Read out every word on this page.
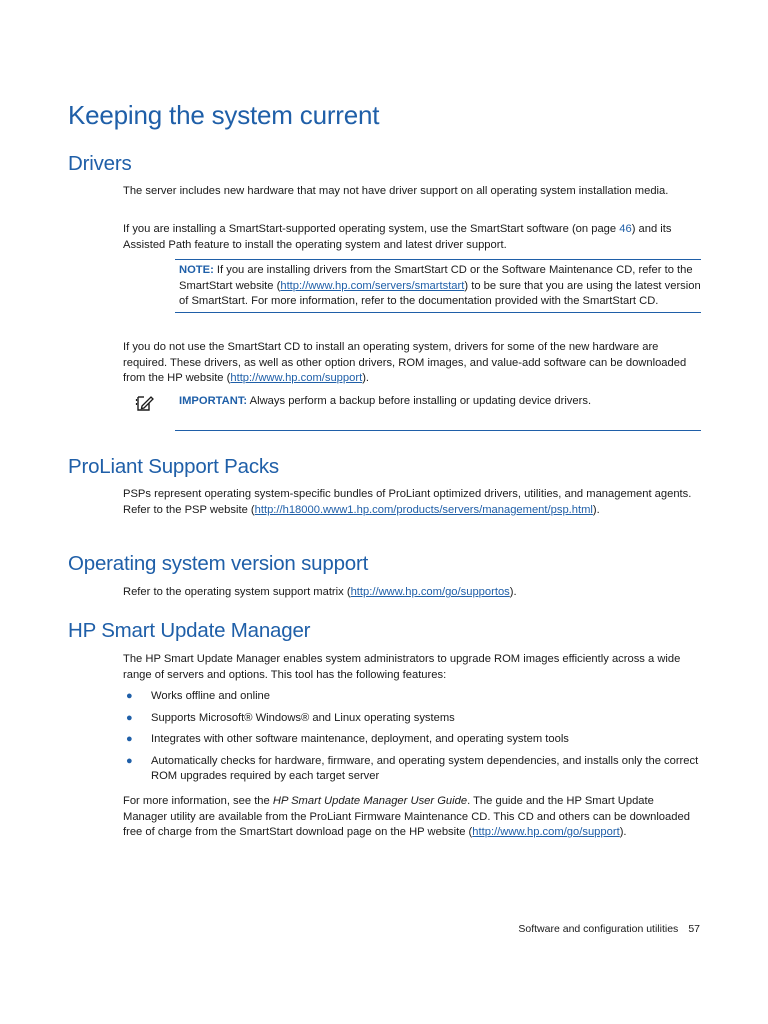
Keeping the system current
Drivers

The server includes new hardware that may not have driver support on all operating system installation media.

If you are installing a SmartStart-supported operating system, use the SmartStart software (on page 46) and its Assisted Path feature to install the operating system and latest driver support.

NOTE: If you are installing drivers from the SmartStart CD or the Software Maintenance CD, refer to the SmartStart website (http://www.hp.com/servers/smartstart) to be sure that you are using the latest version of SmartStart. For more information, refer to the documentation provided with the SmartStart CD.

If you do not use the SmartStart CD to install an operating system, drivers for some of the new hardware are required. These drivers, as well as other option drivers, ROM images, and value-add software can be downloaded from the HP website (http://www.hp.com/support).

IMPORTANT: Always perform a backup before installing or updating device drivers.
ProLiant Support Packs

PSPs represent operating system-specific bundles of ProLiant optimized drivers, utilities, and management agents. Refer to the PSP website (http://h18000.www1.hp.com/products/servers/management/psp.html).

Operating system version support

Refer to the operating system support matrix (http://www.hp.com/go/supportos).

HP Smart Update Manager

The HP Smart Update Manager enables system administrators to upgrade ROM images efficiently across a wide range of servers and options. This tool has the following features:

● Works offline and online
● Supports Microsoft® Windows® and Linux operating systems
● Integrates with other software maintenance, deployment, and operating system tools
● Automatically checks for hardware, firmware, and operating system dependencies, and installs only the correct ROM upgrades required by each target server

For more information, see the HP Smart Update Manager User Guide. The guide and the HP Smart Update Manager utility are available from the ProLiant Firmware Maintenance CD. This CD and others can be downloaded free of charge from the SmartStart download page on the HP website (http://www.hp.com/go/support).

Software and configuration utilities 57
